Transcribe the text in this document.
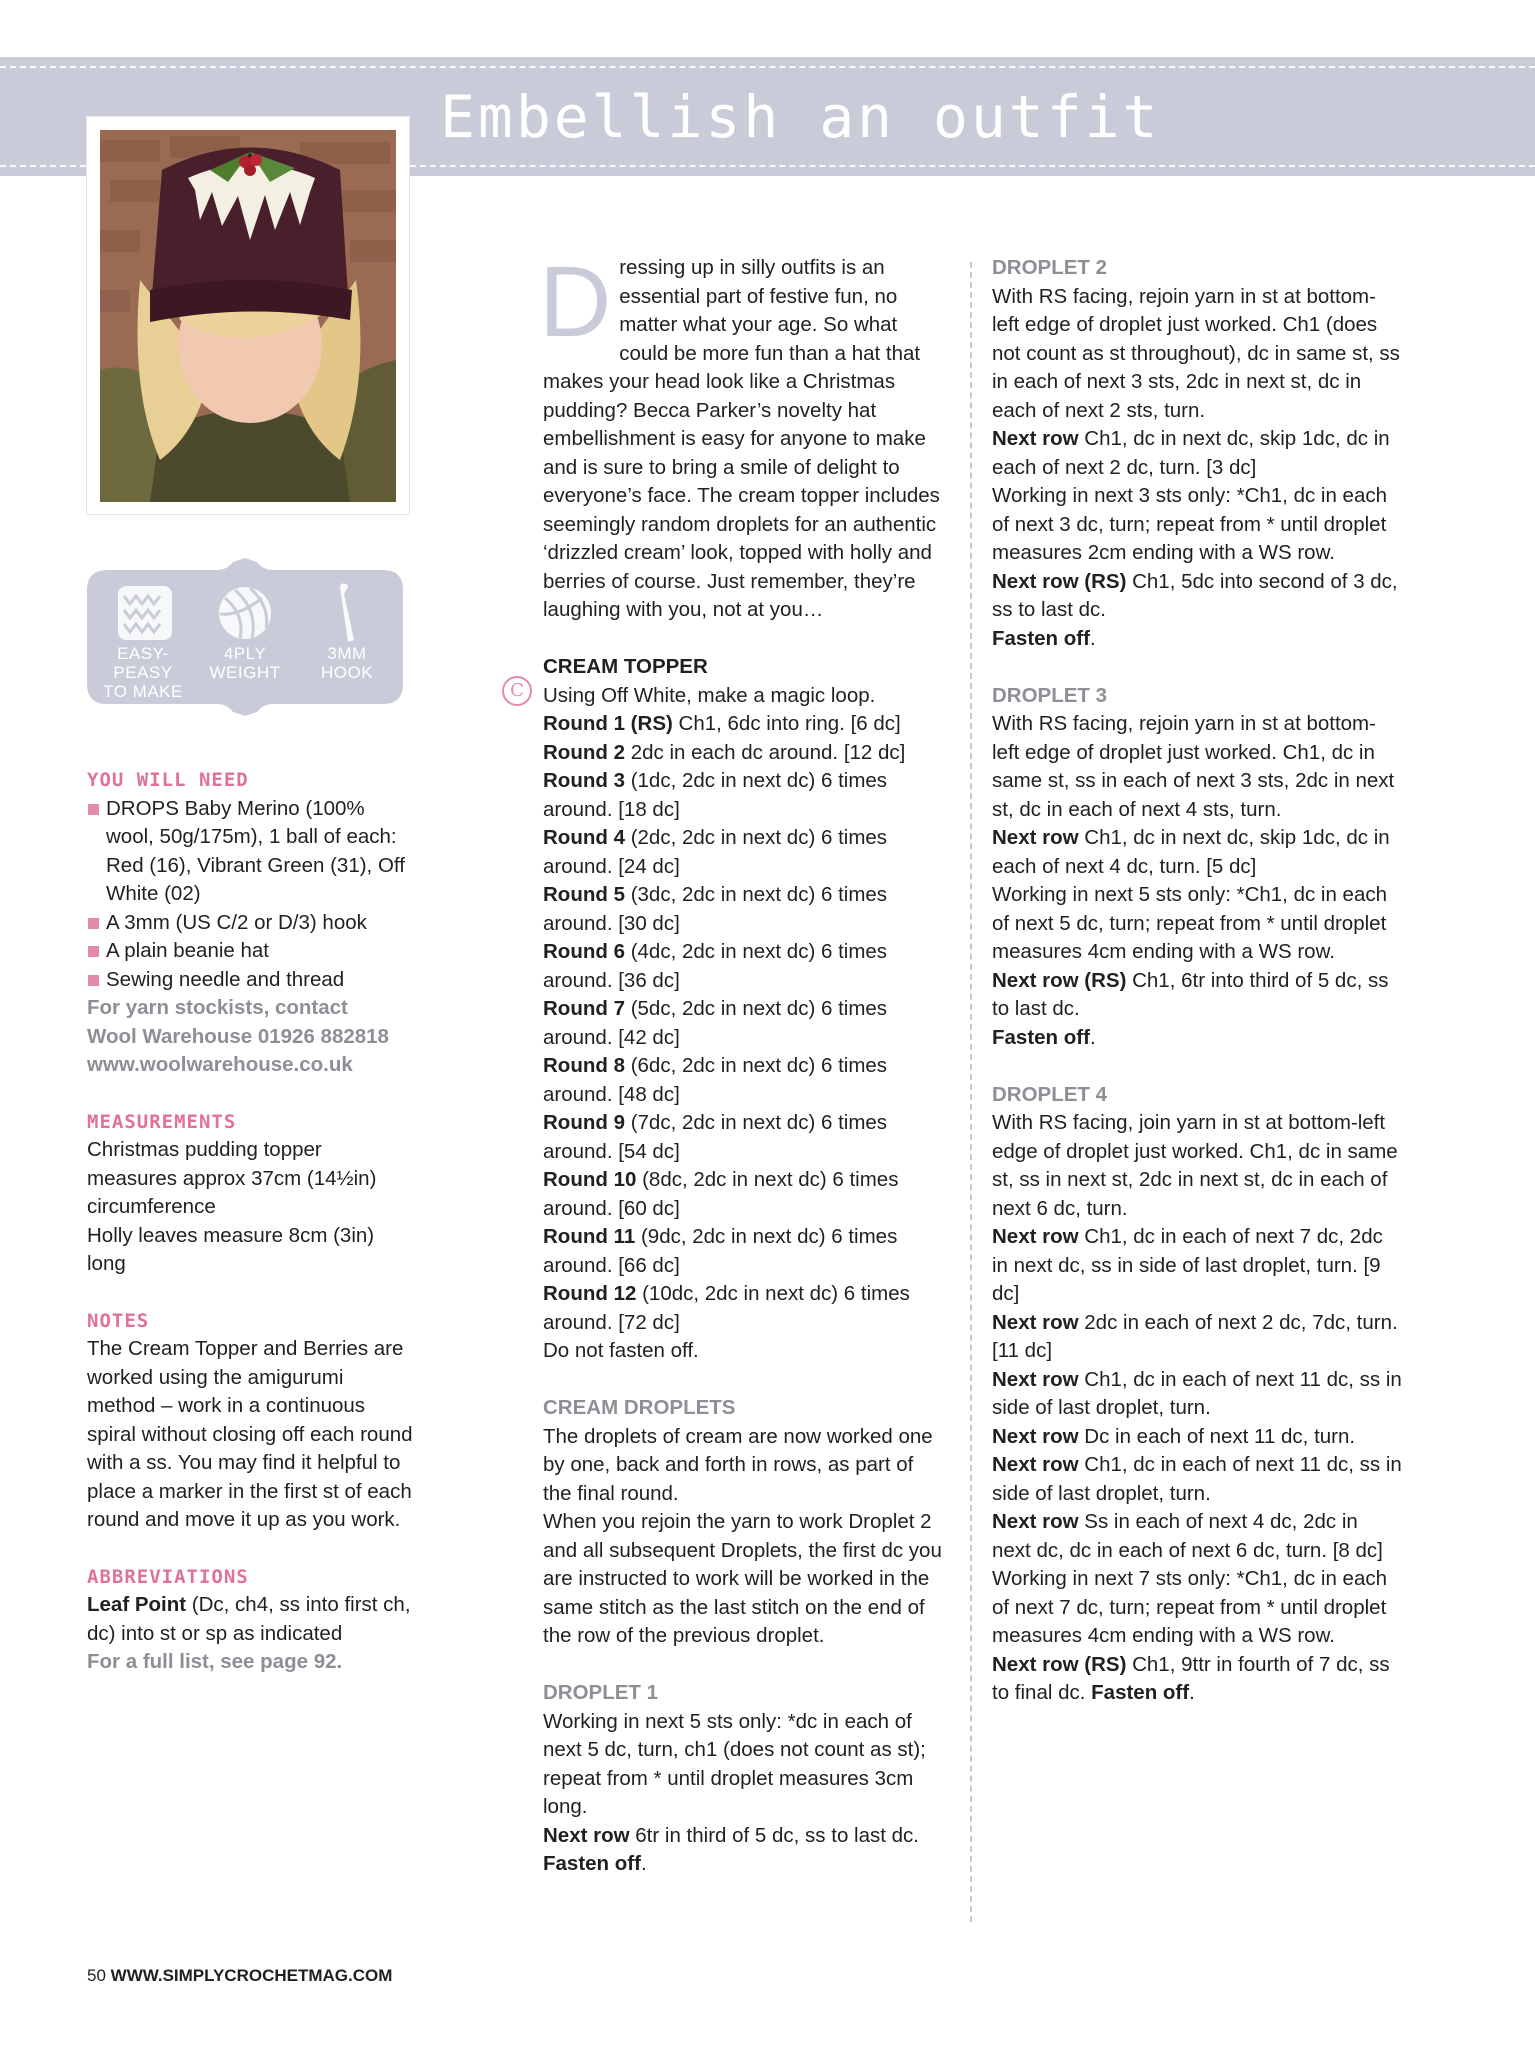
Embellish an outfit
EASY-PEASY
TO MAKE
4PLY
WEIGHT
3MM
HOOK
YOU WILL NEED
DROPS Baby Merino (100% wool, 50g/175m), 1 ball of each: Red (16), Vibrant Green (31), Off White (02)
A 3mm (US C/2 or D/3) hook
A plain beanie hat
Sewing needle and thread

For yarn stockists, contact

Wool Warehouse 01926 882818

www.woolwarehouse.co.uk

MEASUREMENTS

Christmas pudding topper measures approx 37cm (14½in) circumference

Holly leaves measure 8cm (3in) long

NOTES

The Cream Topper and Berries are worked using the amigurumi method – work in a continuous spiral without closing off each round with a ss. You may find it helpful to place a marker in the first st of each round and move it up as you work.

ABBREVIATIONS

Leaf Point (Dc, ch4, ss into first ch, dc) into st or sp as indicated

For a full list, see page 92.

Dressing up in silly outfits is an essential part of festive fun, no matter what your age. So what could be more fun than a hat that makes your head look like a Christmas pudding? Becca Parker’s novelty hat embellishment is easy for anyone to make and is sure to bring a smile of delight to everyone’s face. The cream topper includes seemingly random droplets for an authentic ‘drizzled cream’ look, topped with holly and berries of course. Just remember, they’re laughing with you, not at you…

CREAM TOPPER

Using Off White, make a magic loop.

Round 1 (RS) Ch1, 6dc into ring. [6 dc]

Round 2 2dc in each dc around. [12 dc]

Round 3 (1dc, 2dc in next dc) 6 times around. [18 dc]

Round 4 (2dc, 2dc in next dc) 6 times around. [24 dc]

Round 5 (3dc, 2dc in next dc) 6 times around. [30 dc]

Round 6 (4dc, 2dc in next dc) 6 times around. [36 dc]

Round 7 (5dc, 2dc in next dc) 6 times around. [42 dc]

Round 8 (6dc, 2dc in next dc) 6 times around. [48 dc]

Round 9 (7dc, 2dc in next dc) 6 times around. [54 dc]

Round 10 (8dc, 2dc in next dc) 6 times around. [60 dc]

Round 11 (9dc, 2dc in next dc) 6 times around. [66 dc]

Round 12 (10dc, 2dc in next dc) 6 times around. [72 dc]

Do not fasten off.

CREAM DROPLETS

The droplets of cream are now worked one by one, back and forth in rows, as part of the final round.

When you rejoin the yarn to work Droplet 2 and all subsequent Droplets, the first dc you are instructed to work will be worked in the same stitch as the last stitch on the end of the row of the previous droplet.

DROPLET 1

Working in next 5 sts only: *dc in each of next 5 dc, turn, ch1 (does not count as st); repeat from * until droplet measures 3cm long.

Next row 6tr in third of 5 dc, ss to last dc. Fasten off.

C

DROPLET 2

With RS facing, rejoin yarn in st at bottom-left edge of droplet just worked. Ch1 (does not count as st throughout), dc in same st, ss in each of next 3 sts, 2dc in next st, dc in each of next 2 sts, turn.

Next row Ch1, dc in next dc, skip 1dc, dc in each of next 2 dc, turn. [3 dc]

Working in next 3 sts only: *Ch1, dc in each of next 3 dc, turn; repeat from * until droplet measures 2cm ending with a WS row.

Next row (RS) Ch1, 5dc into second of 3 dc, ss to last dc.

Fasten off.

DROPLET 3

With RS facing, rejoin yarn in st at bottom-left edge of droplet just worked. Ch1, dc in same st, ss in each of next 3 sts, 2dc in next st, dc in each of next 4 sts, turn.

Next row Ch1, dc in next dc, skip 1dc, dc in each of next 4 dc, turn. [5 dc]

Working in next 5 sts only: *Ch1, dc in each of next 5 dc, turn; repeat from * until droplet measures 4cm ending with a WS row.

Next row (RS) Ch1, 6tr into third of 5 dc, ss to last dc.

Fasten off.

DROPLET 4

With RS facing, join yarn in st at bottom-left edge of droplet just worked. Ch1, dc in same st, ss in next st, 2dc in next st, dc in each of next 6 dc, turn.

Next row Ch1, dc in each of next 7 dc, 2dc in next dc, ss in side of last droplet, turn. [9 dc]

Next row 2dc in each of next 2 dc, 7dc, turn. [11 dc]

Next row Ch1, dc in each of next 11 dc, ss in side of last droplet, turn.

Next row Dc in each of next 11 dc, turn.

Next row Ch1, dc in each of next 11 dc, ss in side of last droplet, turn.

Next row Ss in each of next 4 dc, 2dc in next dc, dc in each of next 6 dc, turn. [8 dc]

Working in next 7 sts only: *Ch1, dc in each of next 7 dc, turn; repeat from * until droplet measures 4cm ending with a WS row.

Next row (RS) Ch1, 9ttr in fourth of 7 dc, ss to final dc. Fasten off.

50 WWW.SIMPLYCROCHETMAG.COM
